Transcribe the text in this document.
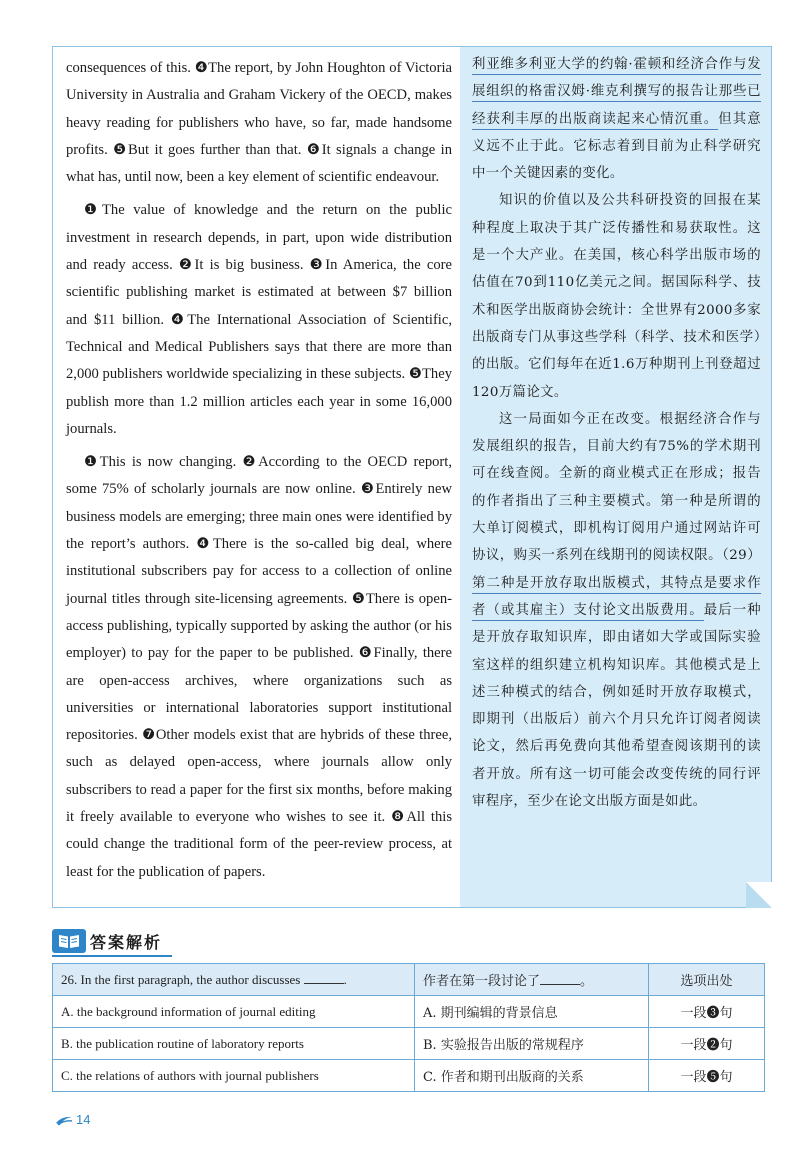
consequences of this. ❹The report, by John Houghton of Victoria University in Australia and Graham Vickery of the OECD, makes heavy reading for publishers who have, so far, made handsome profits. ❺But it goes further than that. ❻It signals a change in what has, until now, been a key element of scientific endeavour.

❶The value of knowledge and the return on the public investment in research depends, in part, upon wide distribution and ready access. ❷It is big business. ❸In America, the core scientific publishing market is estimated at between $7 billion and $11 billion. ❹The International Association of Scientific, Technical and Medical Publishers says that there are more than 2,000 publishers worldwide specializing in these subjects. ❺They publish more than 1.2 million articles each year in some 16,000 journals.

❶This is now changing. ❷According to the OECD report, some 75% of scholarly journals are now online. ❸Entirely new business models are emerging; three main ones were identified by the report’s authors. ❹There is the so-called big deal, where institutional subscribers pay for access to a collection of online journal titles through site-licensing agreements. ❺There is open-access publishing, typically supported by asking the author (or his employer) to pay for the paper to be published. ❻Finally, there are open-access archives, where organizations such as universities or international laboratories support institutional repositories. ❼Other models exist that are hybrids of these three, such as delayed open-access, where journals allow only subscribers to read a paper for the first six months, before making it freely available to everyone who wishes to see it. ❽All this could change the traditional form of the peer-review process, at least for the publication of papers.

利亚维多利亚大学的约翰·霍顿和经济合作与发展组织的格雷汉姆·维克利撰写的报告让那些已经获利丰厚的出版商读起来心情沉重。但其意义远不止于此。它标志着到目前为止科学研究中一个关键因素的变化。

知识的价值以及公共科研投资的回报在某种程度上取决于其广泛传播性和易获取性。这是一个大产业。在美国，核心科学出版市场的估值在70到110亿美元之间。据国际科学、技术和医学出版商协会统计：全世界有2000多家出版商专门从事这些学科（科学、技术和医学）的出版。它们每年在近1.6万种期刊上刊登超过120万篇论文。

这一局面如今正在改变。根据经济合作与发展组织的报告，目前大约有75%的学术期刊可在线查阅。全新的商业模式正在形成；报告的作者指出了三种主要模式。第一种是所谓的大单订阅模式，即机构订阅用户通过网站许可协议，购买一系列在线期刊的阅读权限。（29）第二种是开放存取出版模式，其特点是要求作者（或其雇主）支付论文出版费用。最后一种是开放存取知识库，即由诸如大学或国际实验室这样的组织建立机构知识库。其他模式是上述三种模式的结合，例如延时开放存取模式，即期刊（出版后）前六个月只允许订阅者阅读论文，然后再免费向其他希望查阅该期刊的读者开放。所有这一切可能会改变传统的同行评审程序，至少在论文出版方面是如此。

答案解析
26. In the first paragraph, the author discusses .	作者在第一段讨论了 。	选项出处
A. the background information of journal editing	A. 期刊编辑的背景信息	一段❸句
B. the publication routine of laboratory reports	B. 实验报告出版的常规程序	一段❷句
C. the relations of authors with journal publishers	C. 作者和期刊出版商的关系	一段❺句
14
